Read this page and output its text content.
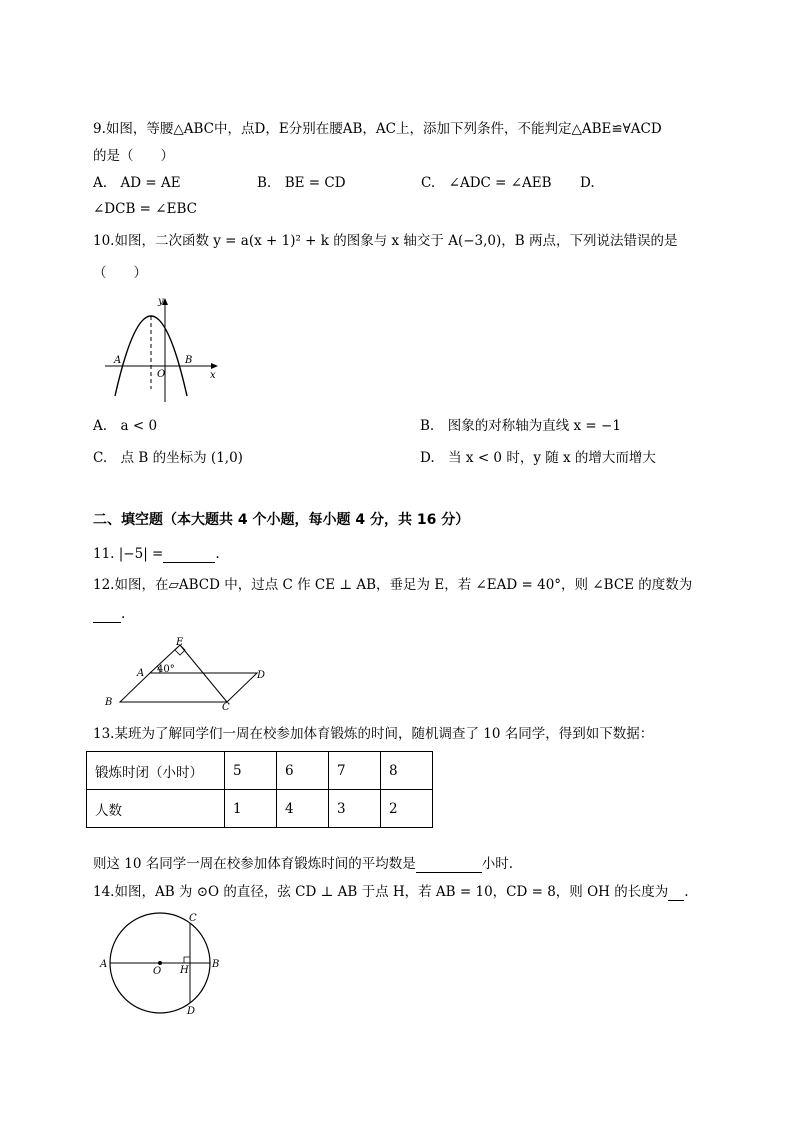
9.如图，等腰△ABC中，点D，E分别在腰AB，AC上，添加下列条件，不能判定△ABE≌∀ACD
的是（　　）
A.　AD = AE	B.　BE = CD	C.　∠ADC = ∠AEB D.
∠DCB = ∠EBC
10.如图，二次函数 y = a(x + 1)² + k 的图象与 x 轴交于 A(−3,0)，B 两点，下列说法错误的是
（　　）
y
x
A	B
O
A.　a < 0	B.　图象的对称轴为直线 x = −1
C.　点 B 的坐标为 (1,0)	D.　当 x < 0 时，y 随 x 的增大而增大
二、填空题（本大题共 4 个小题，每小题 4 分，共 16 分）
11. |−5| =	.
12.如图，在▱ABCD 中，过点 C 作 CE ⊥ AB，垂足为 E，若 ∠EAD = 40°，则 ∠BCE 的度数为
.
E
A	D
B	C
40°
13.某班为了解同学们一周在校参加体育锻炼的时间，随机调查了 10 名同学，得到如下数据：
锻炼时闭（小时）	5	6	7	8
人数	1	4	3	2
则这 10 名同学一周在校参加体育锻炼时间的平均数是	小时.
14.如图，AB 为 ⊙O 的直径，弦 CD ⊥ AB 于点 H，若 AB = 10，CD = 8，则 OH 的长度为 .
A	B
C
D
O H
